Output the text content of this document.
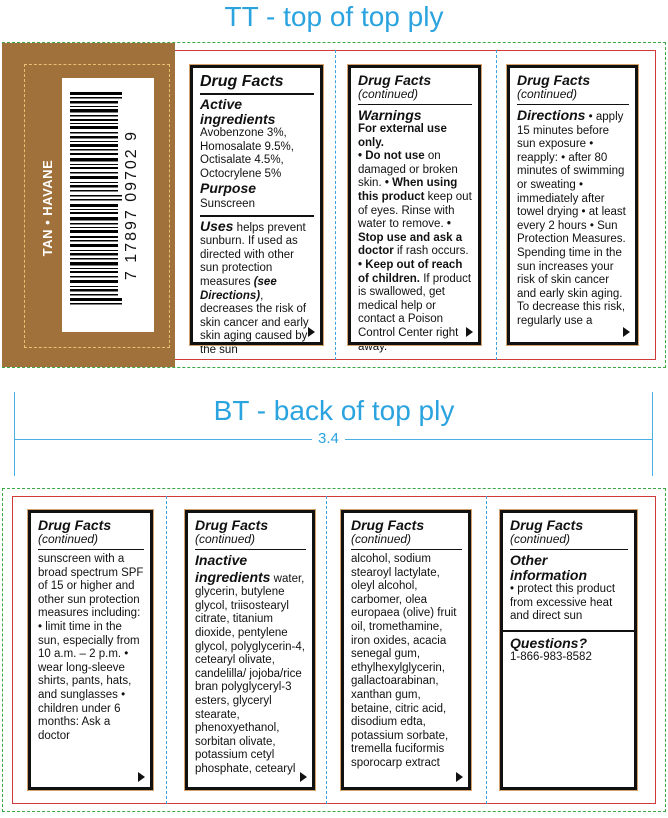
TT - top of top ply
TAN • HAVANE	7 17897 09702 9
Drug Facts
Active ingredients
Avobenzone 3%,
Homosalate 9.5%,
Octisalate 4.5%,
Octocrylene 5%
Purpose Sunscreen
Uses helps prevent sunburn. If used as directed with other sun protection measures (see Directions), decreases the risk of skin cancer and early skin aging caused by the sun
Drug Facts
(continued)
Warnings
For external use only.
• Do not use on damaged or broken skin. • When using this product keep out of eyes. Rinse with water to remove. • Stop use and ask a doctor if rash occurs. • Keep out of reach of children. If product is swallowed, get medical help or contact a Poison Control Center right away.
Drug Facts
(continued)
Directions • apply 15 minutes before sun exposure • reapply: • after 80 minutes of swimming or sweating • immediately after towel drying • at least every 2 hours • Sun Protection Measures. Spending time in the sun increases your risk of skin cancer and early skin aging. To decrease this risk, regularly use a
BT - back of top ply
3.4
Drug Facts
(continued)
sunscreen with a broad spectrum SPF of 15 or higher and other sun protection measures including: • limit time in the sun, especially from 10 a.m. – 2 p.m. • wear long-sleeve shirts, pants, hats, and sunglasses • children under 6 months: Ask a doctor
Drug Facts
(continued)
Inactive ingredients water, glycerin, butylene glycol, triisostearyl citrate, titanium dioxide, pentylene glycol, polyglycerin-4, cetearyl olivate, candelilla/ jojoba/rice bran polyglyceryl-3 esters, glyceryl stearate, phenoxyethanol, sorbitan olivate, potassium cetyl phosphate, cetearyl
Drug Facts
(continued)
alcohol, sodium stearoyl lactylate, oleyl alcohol, carbomer, olea europaea (olive) fruit oil, tromethamine, iron oxides, acacia senegal gum, ethylhexylglycerin, gallactoarabinan, xanthan gum, betaine, citric acid, disodium edta, potassium sorbate, tremella fuciformis sporocarp extract
Drug Facts
(continued)
Other information
• protect this product from excessive heat and direct sun
Questions?
1-866-983-8582
